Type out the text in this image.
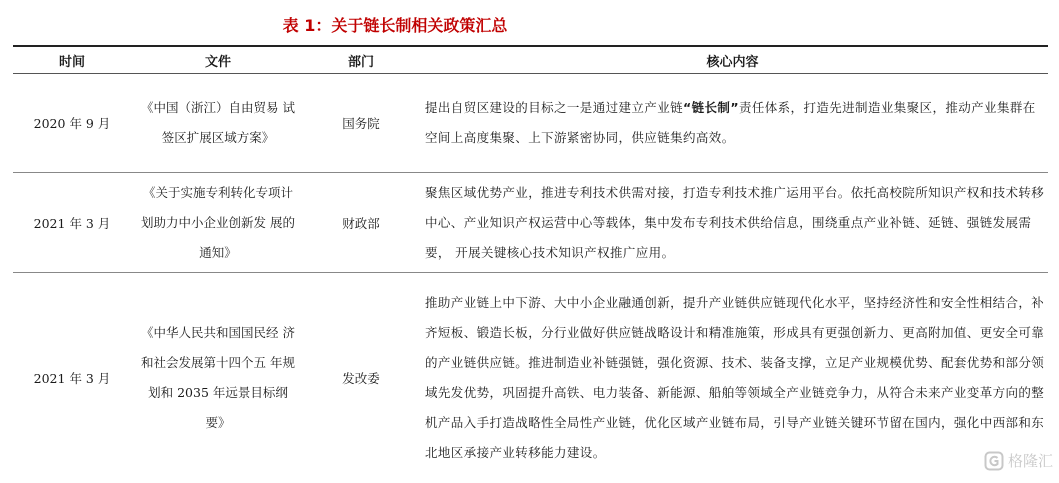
表 1：关于链长制相关政策汇总
时间	文件	部门	核心内容
2020 年 9 月	《中国（浙江）自由贸易 试签区扩展区域方案》	国务院	提出自贸区建设的目标之一是通过建立产业链“链长制”责任体系，打造先进制造业集聚区，推动产业集群在空间上高度集聚、上下游紧密协同，供应链集约高效。
2021 年 3 月	《关于实施专利转化专项计划助力中小企业创新发 展的通知》	财政部	聚焦区域优势产业，推进专利技术供需对接，打造专利技术推广运用平台。依托高校院所知识产权和技术转移中心、产业知识产权运营中心等载体，集中发布专利技术供给信息，围绕重点产业补链、延链、强链发展需要， 开展关键核心技术知识产权推广应用。
2021 年 3 月	《中华人民共和国国民经 济和社会发展第十四个五 年规划和 2035 年远景目标纲要》	发改委	推助产业链上中下游、大中小企业融通创新，提升产业链供应链现代化水平，坚持经济性和安全性相结合，补齐短板、锻造长板，分行业做好供应链战略设计和精准施策，形成具有更强创新力、更高附加值、更安全可靠的产业链供应链。推进制造业补链强链，强化资源、技术、装备支撑，立足产业规模优势、配套优势和部分领域先发优势，巩固提升高铁、电力装备、新能源、船舶等领域全产业链竞争力，从符合未来产业变革方向的整机产品入手打造战略性全局性产业链，优化区域产业链布局，引导产业链关键环节留在国内，强化中西部和东北地区承接产业转移能力建设。	格隆汇
